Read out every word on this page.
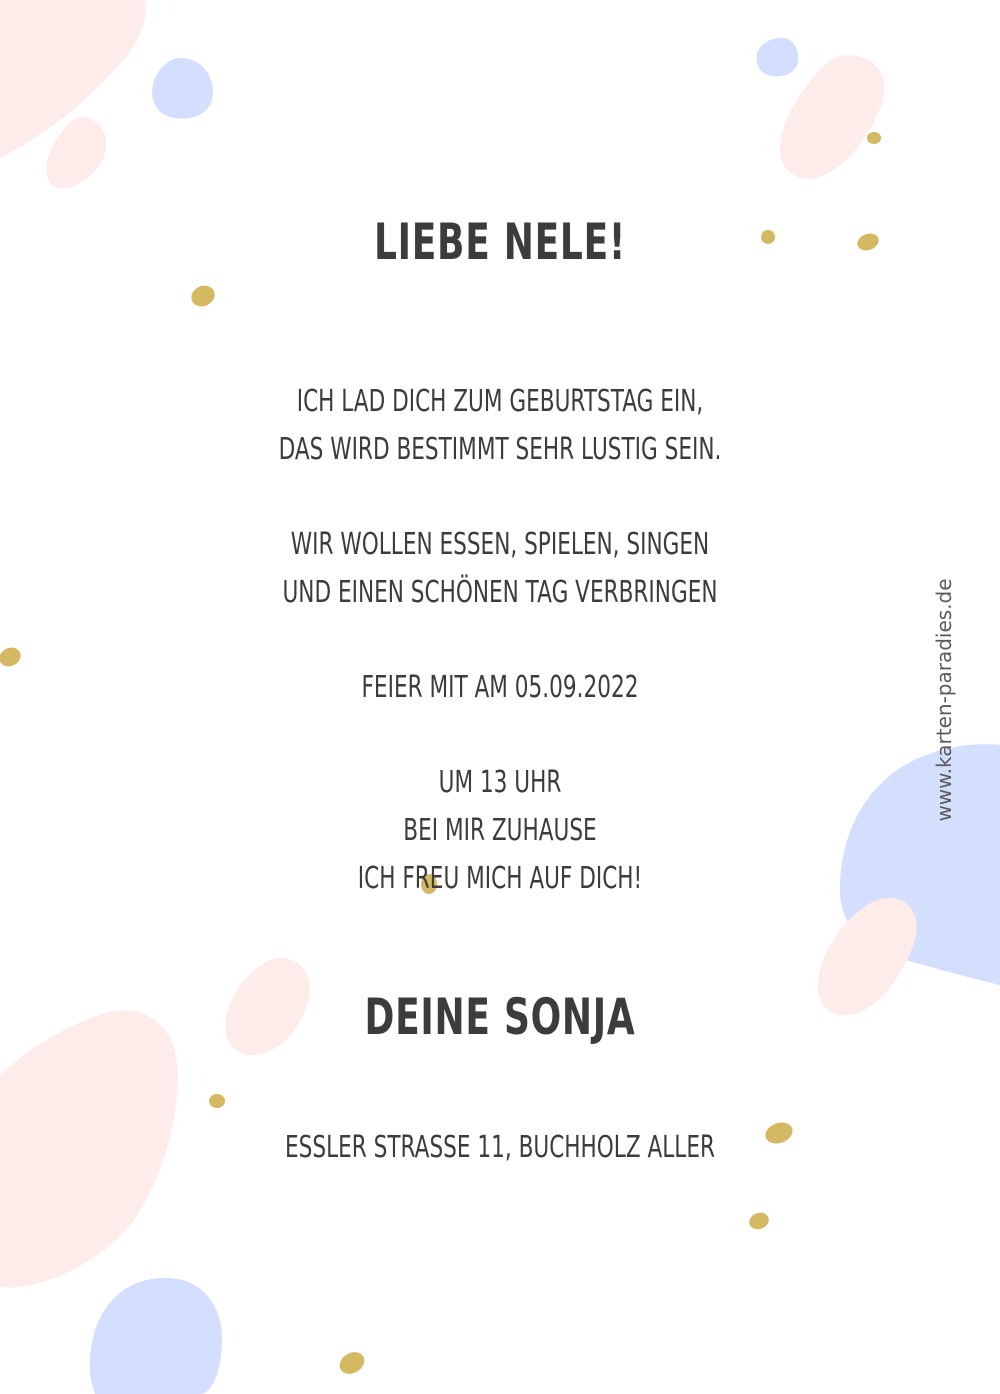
LIEBE NELE!

ICH LAD DICH ZUM GEBURTSTAG EIN,

DAS WIRD BESTIMMT SEHR LUSTIG SEIN.

WIR WOLLEN ESSEN, SPIELEN, SINGEN

UND EINEN SCHÖNEN TAG VERBRINGEN

FEIER MIT AM 05.09.2022

UM 13 UHR

BEI MIR ZUHAUSE

ICH FREU MICH AUF DICH!

DEINE SONJA

ESSLER STRASSE 11, BUCHHOLZ ALLER

www.karten-paradies.de
